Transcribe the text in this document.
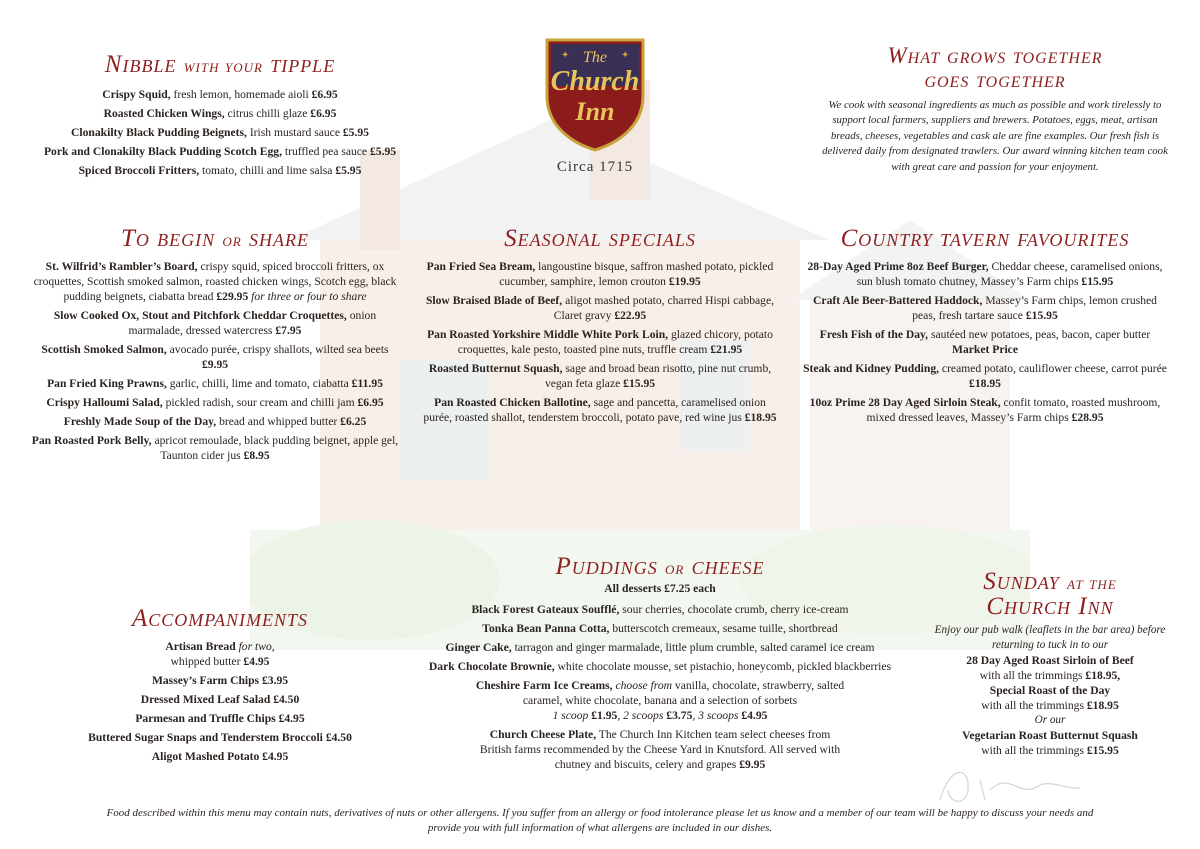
✦	✦
The
Church
Inn
Circa 1715
Nibble with your tipple
Crispy Squid, fresh lemon, homemade aioli £6.95
Roasted Chicken Wings, citrus chilli glaze £6.95
Clonakilty Black Pudding Beignets, Irish mustard sauce £5.95
Pork and Clonakilty Black Pudding Scotch Egg, truffled pea sauce £5.95
Spiced Broccoli Fritters, tomato, chilli and lime salsa £5.95
What grows together
goes together
We cook with seasonal ingredients as much as possible and work tirelessly to support local farmers, suppliers and brewers. Potatoes, eggs, meat, artisan breads, cheeses, vegetables and cask ale are fine examples. Our fresh fish is delivered daily from designated trawlers. Our award winning kitchen team cook with great care and passion for your enjoyment.
To begin or share
St. Wilfrid’s Rambler’s Board, crispy squid, spiced broccoli fritters, ox croquettes, Scottish smoked salmon, roasted chicken wings, Scotch egg, black pudding beignets, ciabatta bread £29.95 for three or four to share
Slow Cooked Ox, Stout and Pitchfork Cheddar Croquettes, onion marmalade, dressed watercress £7.95
Scottish Smoked Salmon, avocado purée, crispy shallots, wilted sea beets £9.95
Pan Fried King Prawns, garlic, chilli, lime and tomato, ciabatta £11.95
Crispy Halloumi Salad, pickled radish, sour cream and chilli jam £6.95
Freshly Made Soup of the Day, bread and whipped butter £6.25
Pan Roasted Pork Belly, apricot remoulade, black pudding beignet, apple gel, Taunton cider jus £8.95
Seasonal specials
Pan Fried Sea Bream, langoustine bisque, saffron mashed potato, pickled cucumber, samphire, lemon crouton £19.95
Slow Braised Blade of Beef, aligot mashed potato, charred Hispi cabbage, Claret gravy £22.95
Pan Roasted Yorkshire Middle White Pork Loin, glazed chicory, potato croquettes, kale pesto, toasted pine nuts, truffle cream £21.95
Roasted Butternut Squash, sage and broad bean risotto, pine nut crumb, vegan feta glaze £15.95
Pan Roasted Chicken Ballotine, sage and pancetta, caramelised onion purée, roasted shallot, tenderstem broccoli, potato pave, red wine jus £18.95
Country tavern favourites
28-Day Aged Prime 8oz Beef Burger, Cheddar cheese, caramelised onions, sun blush tomato chutney, Massey’s Farm chips £15.95
Craft Ale Beer-Battered Haddock, Massey’s Farm chips, lemon crushed peas, fresh tartare sauce £15.95
Fresh Fish of the Day, sautéed new potatoes, peas, bacon, caper butter Market Price
Steak and Kidney Pudding, creamed potato, cauliflower cheese, carrot purée £18.95
10oz Prime 28 Day Aged Sirloin Steak, confit tomato, roasted mushroom, mixed dressed leaves, Massey’s Farm chips £28.95
Accompaniments
Artisan Bread for two,
whipped butter £4.95
Massey’s Farm Chips £3.95
Dressed Mixed Leaf Salad £4.50
Parmesan and Truffle Chips £4.95
Buttered Sugar Snaps and Tenderstem Broccoli £4.50
Aligot Mashed Potato £4.95
Puddings or cheese
All desserts £7.25 each
Black Forest Gateaux Soufflé, sour cherries, chocolate crumb, cherry ice-cream
Tonka Bean Panna Cotta, butterscotch cremeaux, sesame tuille, shortbread
Ginger Cake, tarragon and ginger marmalade, little plum crumble, salted caramel ice cream
Dark Chocolate Brownie, white chocolate mousse, set pistachio, honeycomb, pickled blackberries
Cheshire Farm Ice Creams, choose from vanilla, chocolate, strawberry, salted caramel, white chocolate, banana and a selection of sorbets
1 scoop £1.95, 2 scoops £3.75, 3 scoops £4.95
Church Cheese Plate, The Church Inn Kitchen team select cheeses from British farms recommended by the Cheese Yard in Knutsford. All served with chutney and biscuits, celery and grapes £9.95
Sunday at the
Church Inn
Enjoy our pub walk (leaflets in the bar area) before returning to tuck in to our
28 Day Aged Roast Sirloin of Beef
with all the trimmings £18.95,
Special Roast of the Day
with all the trimmings £18.95
Or our
Vegetarian Roast Butternut Squash
with all the trimmings £15.95
Food described within this menu may contain nuts, derivatives of nuts or other allergens. If you suffer from an allergy or food intolerance please let us know and a member of our team will be happy to discuss your needs and provide you with full information of what allergens are included in our dishes.
